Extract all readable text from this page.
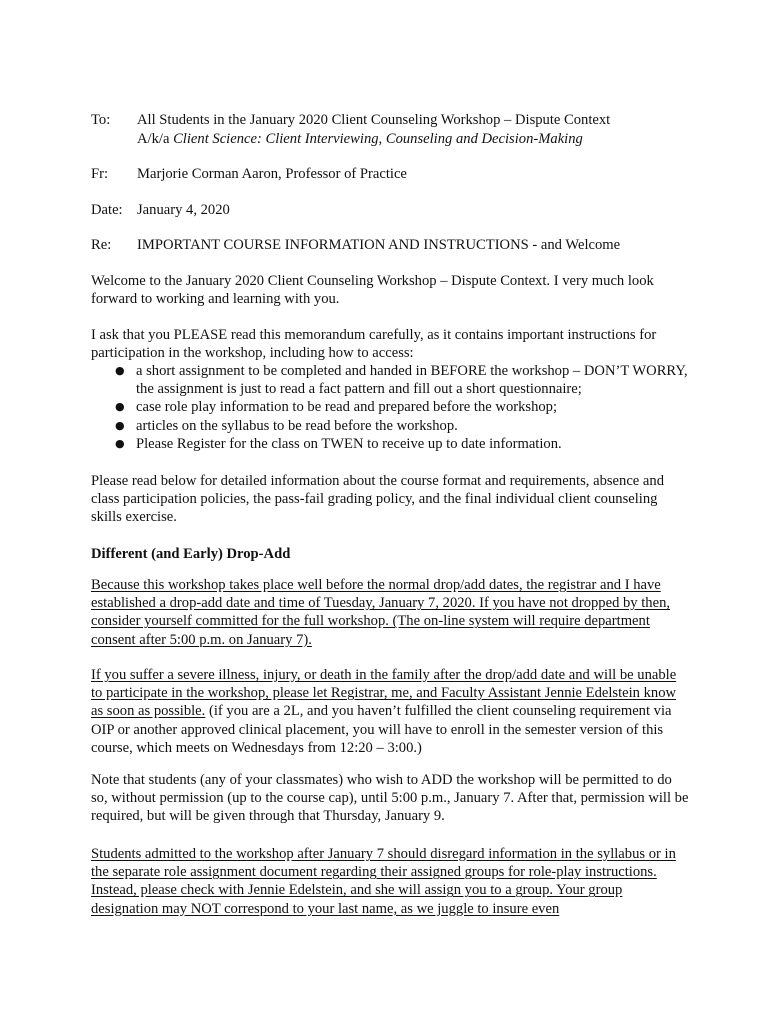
To: All Students in the January 2020 Client Counseling Workshop – Dispute Context
A/k/a Client Science: Client Interviewing, Counseling and Decision-Making
Fr: Marjorie Corman Aaron, Professor of Practice
Date: January 4, 2020
Re: IMPORTANT COURSE INFORMATION AND INSTRUCTIONS - and Welcome

Welcome to the January 2020 Client Counseling Workshop – Dispute Context. I very much look forward to working and learning with you.

I ask that you PLEASE read this memorandum carefully, as it contains important instructions for participation in the workshop, including how to access:

● a short assignment to be completed and handed in BEFORE the workshop – DON’T WORRY, the assignment is just to read a fact pattern and fill out a short questionnaire;
● case role play information to be read and prepared before the workshop;
● articles on the syllabus to be read before the workshop.
● Please Register for the class on TWEN to receive up to date information.

Please read below for detailed information about the course format and requirements, absence and class participation policies, the pass-fail grading policy, and the final individual client counseling skills exercise.

Different (and Early) Drop-Add

Because this workshop takes place well before the normal drop/add dates, the registrar and I have established a drop-add date and time of Tuesday, January 7, 2020. If you have not dropped by then, consider yourself committed for the full workshop. (The on-line system will require department consent after 5:00 p.m. on January 7).

If you suffer a severe illness, injury, or death in the family after the drop/add date and will be unable to participate in the workshop, please let Registrar, me, and Faculty Assistant Jennie Edelstein know as soon as possible. (if you are a 2L, and you haven’t fulfilled the client counseling requirement via OIP or another approved clinical placement, you will have to enroll in the semester version of this course, which meets on Wednesdays from 12:20 – 3:00.)

Note that students (any of your classmates) who wish to ADD the workshop will be permitted to do so, without permission (up to the course cap), until 5:00 p.m., January 7. After that, permission will be required, but will be given through that Thursday, January 9.

Students admitted to the workshop after January 7 should disregard information in the syllabus or in the separate role assignment document regarding their assigned groups for role-play instructions. Instead, please check with Jennie Edelstein, and she will assign you to a group. Your group designation may NOT correspond to your last name, as we juggle to insure even
